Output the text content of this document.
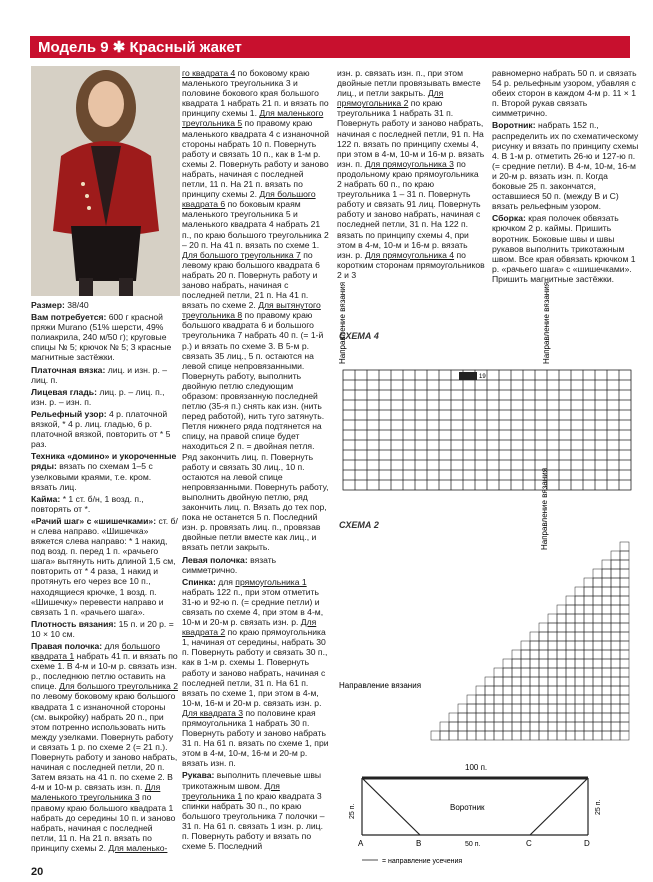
Модель 9 ✱ Красный жакет

Размер: 38/40

Вам потребуется: 600 г красной пряжи Murano (51% шерсти, 49% полиакрила, 240 м/50 г); круговые спицы № 5; крючок № 5; 3 красные магнитные застёжки.

Платочная вязка: лиц. и изн. р. – лиц. п.

Лицевая гладь: лиц. р. – лиц. п., изн. р. – изн. п.

Рельефный узор: 4 р. платочной вязкой, * 4 р. лиц. гладью, 6 р. платочной вязкой, повторить от * 5 раз.

Техника «домино» и укороченные ряды: вязать по схемам 1–5 с узелковыми краями, т.е. кром. вязать лиц.

Кайма: * 1 ст. б/н, 1 возд. п., повторять от *.

«Рачий шаг» с «шишечками»: ст. б/н слева направо. «Шишечка» вяжется слева направо: * 1 накид, под возд. п. перед 1 п. «рачьего шага» вытянуть нить длиной 1,5 см, повторить от * 4 раза, 1 накид и протянуть его через все 10 п., находящиеся крючке, 1 возд. п. «Шишечку» перевести направо и связать 1 п. «рачьего шага».

Плотность вязания: 15 п. и 20 р. = 10 × 10 см.

Правая полочка: для большого квадрата 1 набрать 41 п. и вязать по схеме 1. В 4-м и 10-м р. связать изн. р., последнюю петлю оставить на спице. Для большого треугольника 2 по левому боковому краю большого квадрата 1 с изнаночной стороны (см. выкройку) набрать 20 п., при этом потренно использовать нить между узелками. Повернуть работу и связать 1 р. по схеме 2 (= 21 п.). Повернуть работу и заново набрать, начиная с последней петли, 20 п. Затем вязать на 41 п. по схеме 2. В 4-м и 10-м р. связать изн. п. Для маленького треугольника 3 по правому краю большого квадрата 1 набрать до середины 10 п. и заново набрать, начиная с последней петли, 11 п. На 21 п. вязать по принципу схемы 2. Для маленько-

го квадрата 4 по боковому краю маленького треугольника 3 и половине бокового края большого квадрата 1 набрать 21 п. и вязать по принципу схемы 1. Для маленького треугольника 5 по правому краю маленького квадрата 4 с изнаночной стороны набрать 10 п. Повернуть работу и связать 10 п., как в 1-м р. схемы 2. Повернуть работу и заново набрать, начиная с последней петли, 11 п. На 21 п. вязать по принципу схемы 2. Для большого квадрата 6 по боковым краям маленького треугольника 5 и маленького квадрата 4 набрать 21 п., по краю большого треугольника 2 – 20 п. На 41 п. вязать по схеме 1. Для большого треугольника 7 по левому краю большого квадрата 6 набрать 20 п. Повернуть работу и заново набрать, начиная с последней петли, 21 п. На 41 п. вязать по схеме 2. Для вытянутого треугольника 8 по правому краю большого квадрата 6 и большого треугольника 7 набрать 40 п. (= 1-й р.) и вязать по схеме 3. В 5-м р. связать 35 лиц., 5 п. остаются на левой спице непровязанными. Повернуть работу, выполнить двойную петлю следующим образом: провязанную последней петлю (35-я п.) снять как изн. (нить перед работой), нить туго затянуть. Петля нижнего ряда подтянется на спицу, на правой спице будет находиться 2 п. = двойная петля. Ряд закончить лиц. п. Повернуть работу и связать 30 лиц., 10 п. остаются на левой спице непровязанными. Повернуть работу, выполнить двойную петлю, ряд закончить лиц. п. Вязать до тех пор, пока не останется 5 п. Последний изн. р. провязать лиц. п., провязав двойные петли вместе как лиц., и вязать петли закрыть.

Левая полочка: вязать симметрично.

Спинка: для прямоугольника 1 набрать 122 п., при этом отметить 31-ю и 92-ю п. (= средние петли) и связать по схеме 4, при этом в 4-м, 10-м и 20-м р. связать изн. р. Для квадрата 2 по краю прямоугольника 1, начиная от середины, набрать 30 п. Повернуть работу и связать 30 п., как в 1-м р. схемы 1. Повернуть работу и заново набрать, начиная с последней петли, 31 п. На 61 п. вязать по схеме 1, при этом в 4-м, 10-м, 16-м и 20-м р. связать изн. р. Для квадрата 3 по половине края прямоугольника 1 набрать 30 п. Повернуть работу и заново набрать 31 п. На 61 п. вязать по схеме 1, при этом в 4-м, 10-м, 16-м и 20-м р. вязать изн. п.

Рукава: выполнить плечевые швы трикотажным швом. Для треугольника 1 по краю квадрата 3 спинки набрать 30 п., по краю большого треугольника 7 полочки – 31 п. На 61 п. связать 1 изн. р. лиц. п. Повернуть работу и вязать по схеме 5. Последний

изн. р. связать изн. п., при этом двойные петли провязывать вместе лиц., и петли закрыть. Для прямоугольника 2 по краю треугольника 1 набрать 31 п. Повернуть работу и заново набрать, начиная с последней петли, 91 п. На 122 п. вязать по принципу схемы 4, при этом в 4-м, 10-м и 16-м р. вязать изн. п. Для прямоугольника 3 по продольному краю прямоугольника 2 набрать 60 п., по краю треугольника 1 – 31 п. Повернуть работу и связать 91 лиц. Повернуть работу и заново набрать, начиная с последней петли, 31 п. На 122 п. вязать по принципу схемы 4, при этом в 4-м, 10-м и 16-м р. вязать изн. р. Для прямоугольника 4 по коротким сторонам прямоугольников 2 и 3

равномерно набрать 50 п. и связать 54 р. рельефным узором, убавляя с обеих сторон в каждом 4-м р. 11 × 1 п. Второй рукав связать симметрично.

Воротник: набрать 152 п., распределить их по схематическому рисунку и вязать по принципу схемы 4. В 1-м р. отметить 26-ю и 127-ю п. (= средние петли). В 4-м, 10-м, 16-м и 20-м р. вязать изн. п. Когда боковые 25 п. закончатся, оставшиеся 50 п. (между B и C) вязать рельефным узором.

Сборка: края полочек обвязать крючком 2 р. каймы. Пришить воротник. Боковые швы и швы рукавов выполнить трикотажным швом. Все края обвязать крючком 1 р. «рачьего шага» с «шишечками». Пришить магнитные застёжки.

СХЕМА 4
Направление вязания	Направление вязания
19
СХЕМА 2	Направление вязания
Направление вязания
100 п.
Воротник
25 п.	25 п.
A	B	C	D
50 п.
= направление усечения
20
